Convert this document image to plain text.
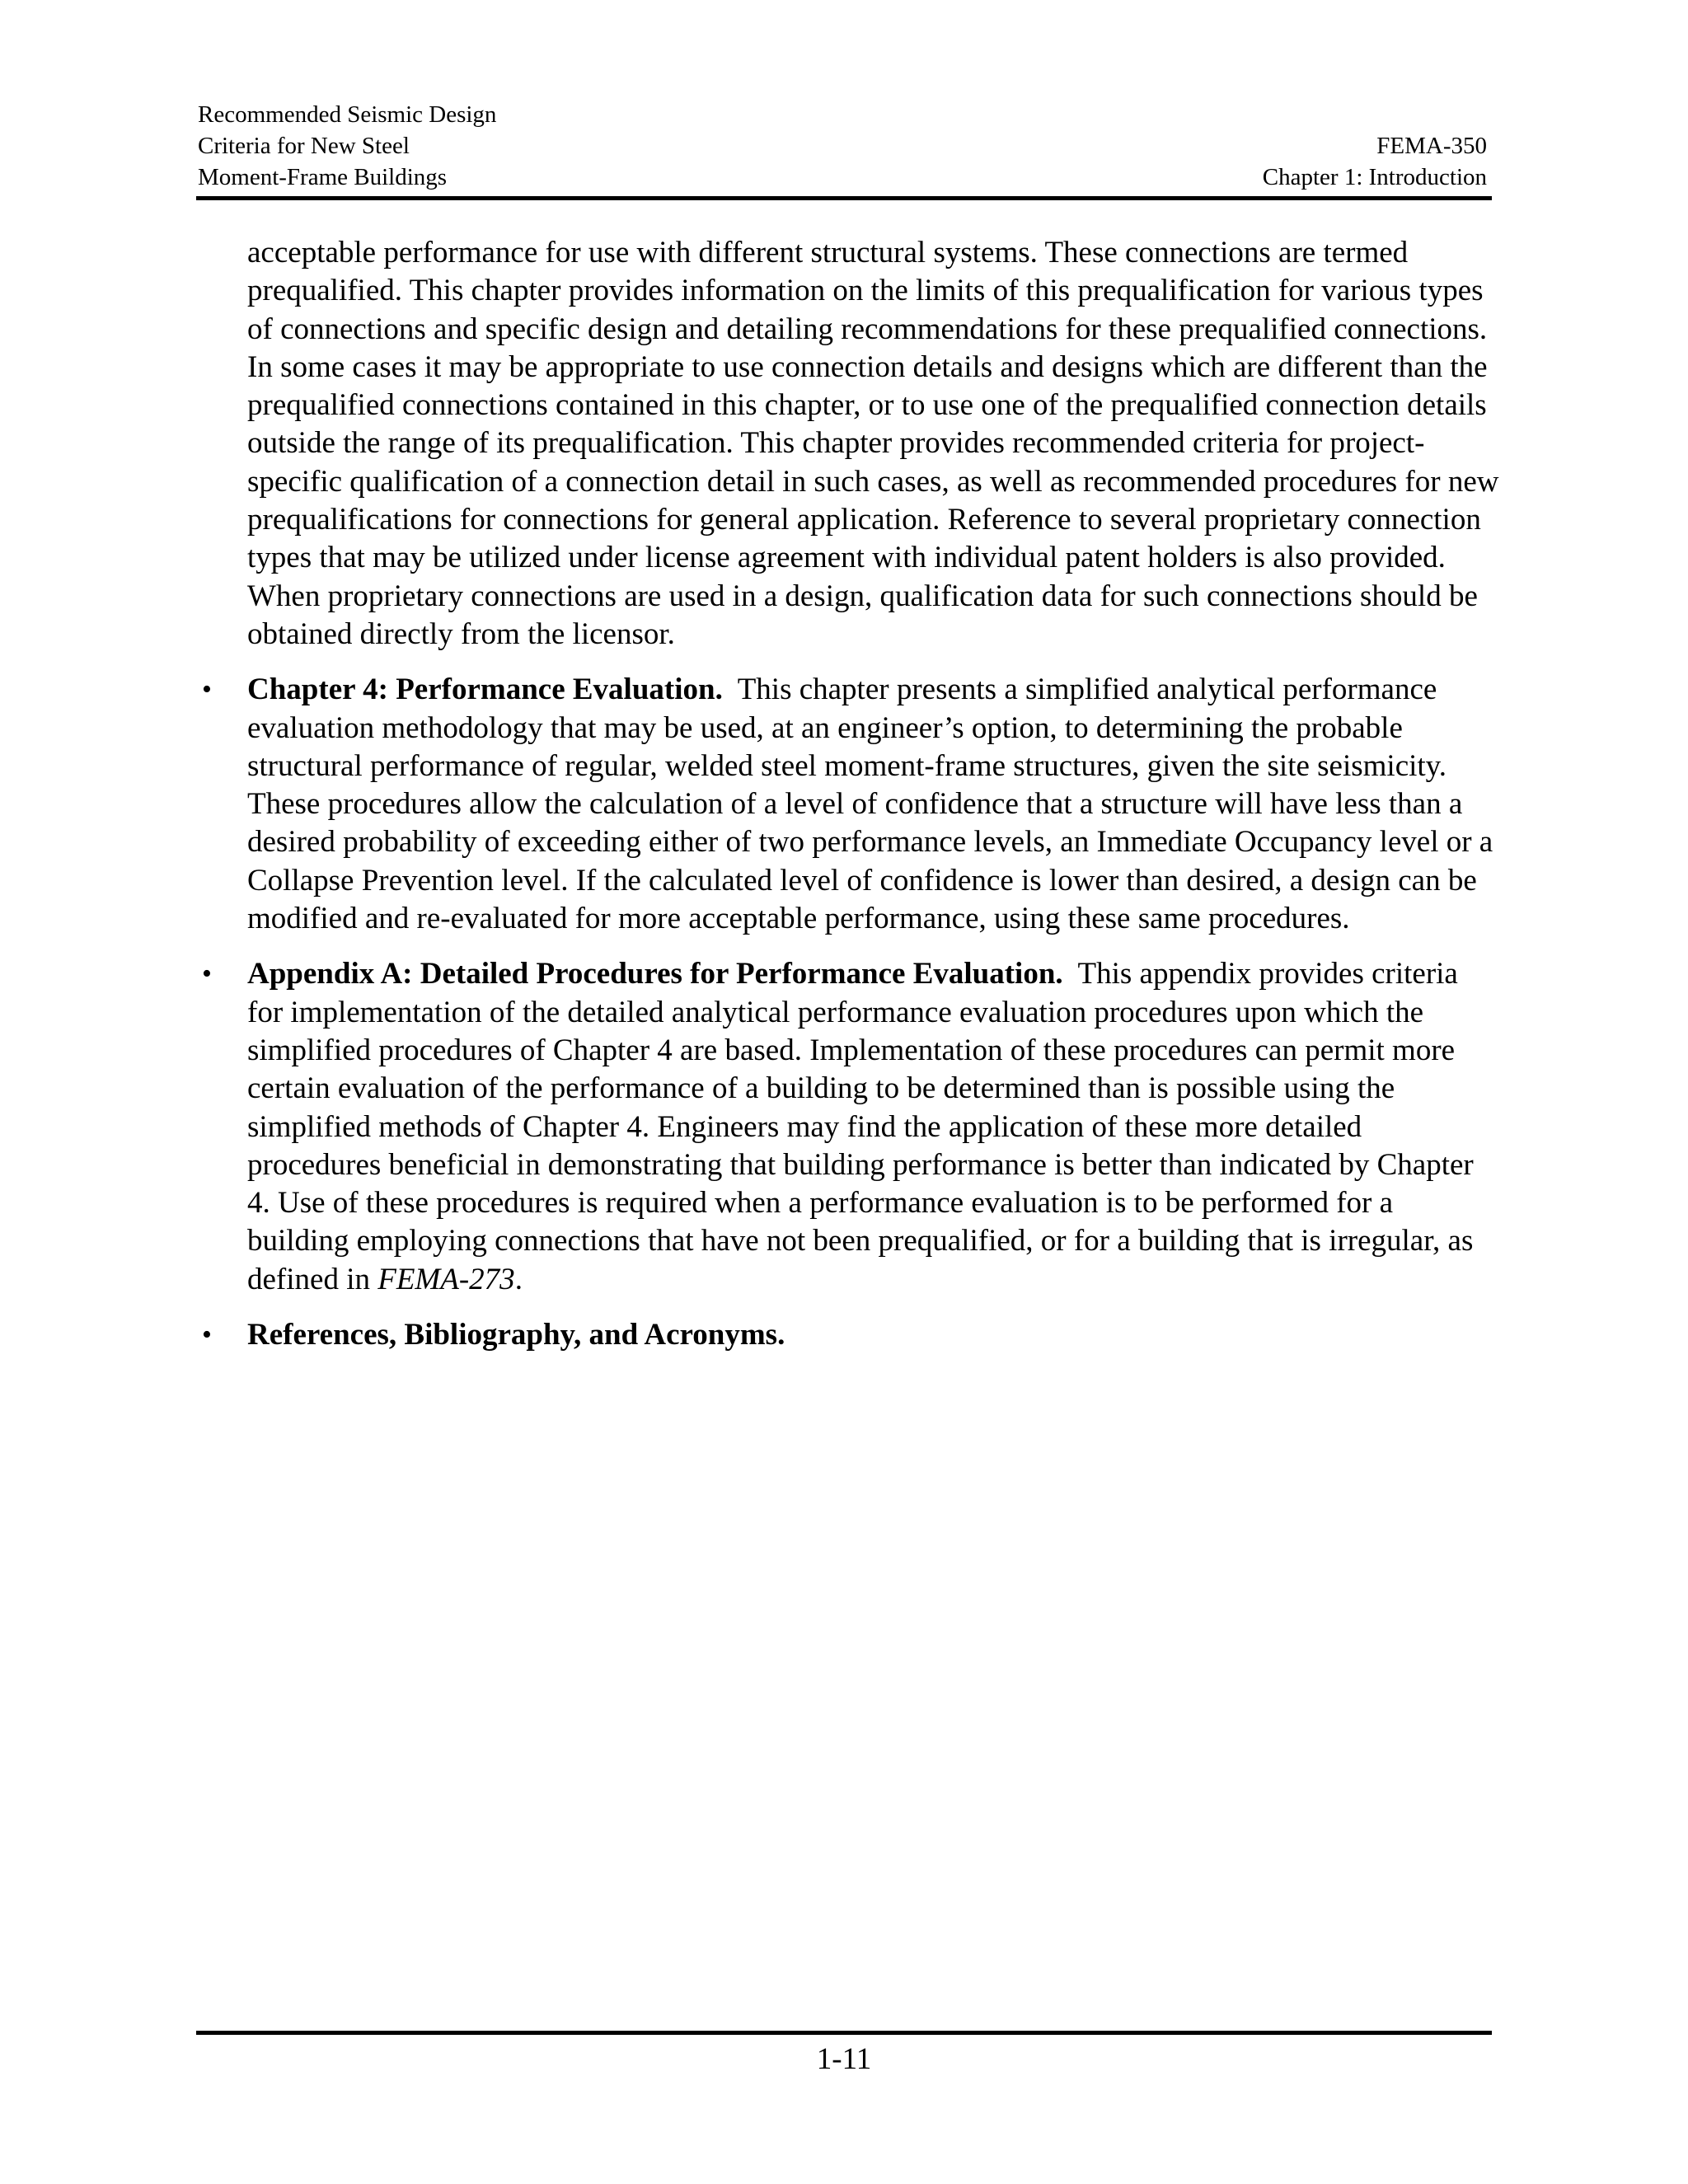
Recommended Seismic Design
Criteria for New Steel
Moment-Frame Buildings
FEMA-350
Chapter 1: Introduction

acceptable performance for use with different structural systems. These connections are termed prequalified. This chapter provides information on the limits of this prequalification for various types of connections and specific design and detailing recommendations for these prequalified connections. In some cases it may be appropriate to use connection details and designs which are different than the prequalified connections contained in this chapter, or to use one of the prequalified connection details outside the range of its prequalification. This chapter provides recommended criteria for project-specific qualification of a connection detail in such cases, as well as recommended procedures for new prequalifications for connections for general application. Reference to several proprietary connection types that may be utilized under license agreement with individual patent holders is also provided. When proprietary connections are used in a design, qualification data for such connections should be obtained directly from the licensor.

•	Chapter 4: Performance Evaluation. This chapter presents a simplified analytical performance evaluation methodology that may be used, at an engineer’s option, to determining the probable structural performance of regular, welded steel moment-frame structures, given the site seismicity. These procedures allow the calculation of a level of confidence that a structure will have less than a desired probability of exceeding either of two performance levels, an Immediate Occupancy level or a Collapse Prevention level. If the calculated level of confidence is lower than desired, a design can be modified and re-evaluated for more acceptable performance, using these same procedures.

•	Appendix A: Detailed Procedures for Performance Evaluation. This appendix provides criteria for implementation of the detailed analytical performance evaluation procedures upon which the simplified procedures of Chapter 4 are based. Implementation of these procedures can permit more certain evaluation of the performance of a building to be determined than is possible using the simplified methods of Chapter 4. Engineers may find the application of these more detailed procedures beneficial in demonstrating that building performance is better than indicated by Chapter 4. Use of these procedures is required when a performance evaluation is to be performed for a building employing connections that have not been prequalified, or for a building that is irregular, as defined in FEMA-273.

•	References, Bibliography, and Acronyms.

1-11
